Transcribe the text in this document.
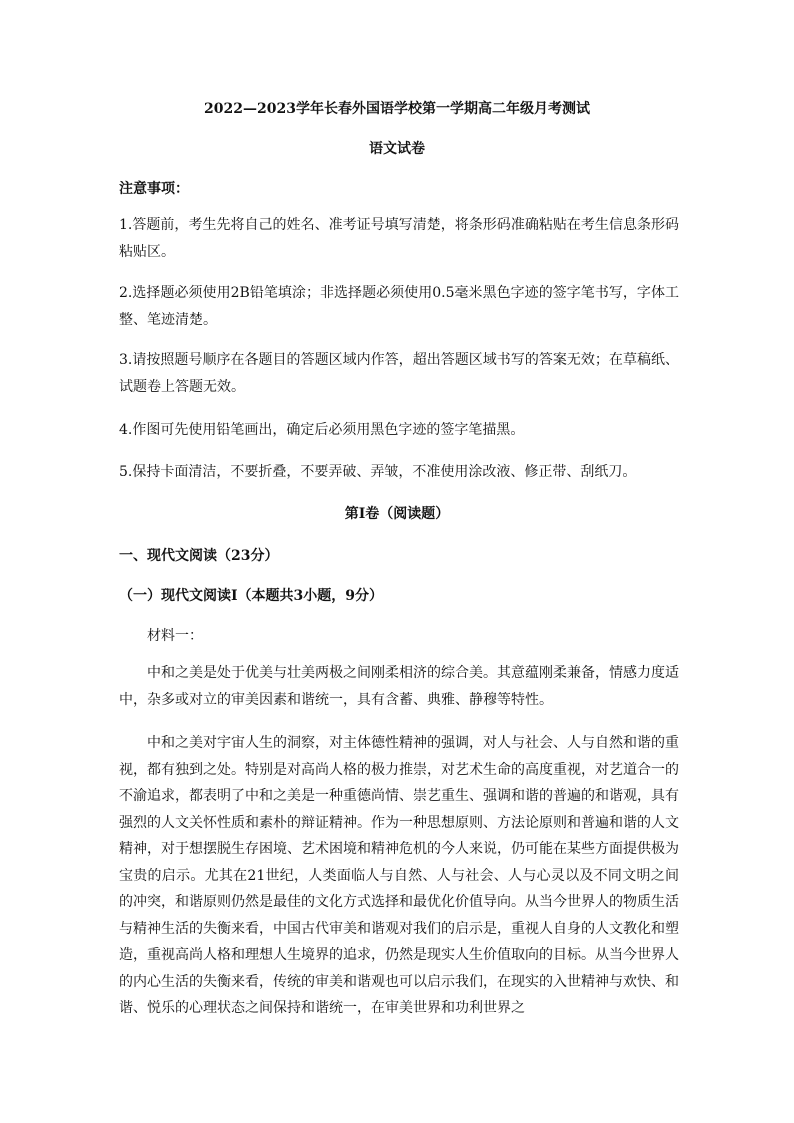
2022—2023学年长春外国语学校第一学期高二年级月考测试
语文试卷
注意事项：
1.答题前，考生先将自己的姓名、准考证号填写清楚，将条形码准确粘贴在考生信息条形码粘贴区。
2.选择题必须使用2B铅笔填涂；非选择题必须使用0.5毫米黑色字迹的签字笔书写，字体工整、笔迹清楚。
3.请按照题号顺序在各题目的答题区域内作答，超出答题区域书写的答案无效；在草稿纸、试题卷上答题无效。
4.作图可先使用铅笔画出，确定后必须用黑色字迹的签字笔描黑。
5.保持卡面清洁，不要折叠，不要弄破、弄皱，不准使用涂改液、修正带、刮纸刀。
第Ⅰ卷（阅读题）
一、现代文阅读（23分）
（一）现代文阅读Ⅰ（本题共3小题，9分）
材料一：
中和之美是处于优美与壮美两极之间刚柔相济的综合美。其意蕴刚柔兼备，情感力度适中，杂多或对立的审美因素和谐统一，具有含蓄、典雅、静穆等特性。
中和之美对宇宙人生的洞察，对主体德性精神的强调，对人与社会、人与自然和谐的重视，都有独到之处。特别是对高尚人格的极力推崇，对艺术生命的高度重视，对艺道合一的不渝追求，都表明了中和之美是一种重德尚情、崇艺重生、强调和谐的普遍的和谐观，具有强烈的人文关怀性质和素朴的辩证精神。作为一种思想原则、方法论原则和普遍和谐的人文精神，对于想摆脱生存困境、艺术困境和精神危机的今人来说，仍可能在某些方面提供极为宝贵的启示。尤其在21世纪，人类面临人与自然、人与社会、人与心灵以及不同文明之间的冲突，和谐原则仍然是最佳的文化方式选择和最优化价值导向。从当今世界人的物质生活与精神生活的失衡来看，中国古代审美和谐观对我们的启示是，重视人自身的人文教化和塑造，重视高尚人格和理想人生境界的追求，仍然是现实人生价值取向的目标。从当今世界人的内心生活的失衡来看，传统的审美和谐观也可以启示我们，在现实的入世精神与欢快、和谐、悦乐的心理状态之间保持和谐统一，在审美世界和功利世界之
